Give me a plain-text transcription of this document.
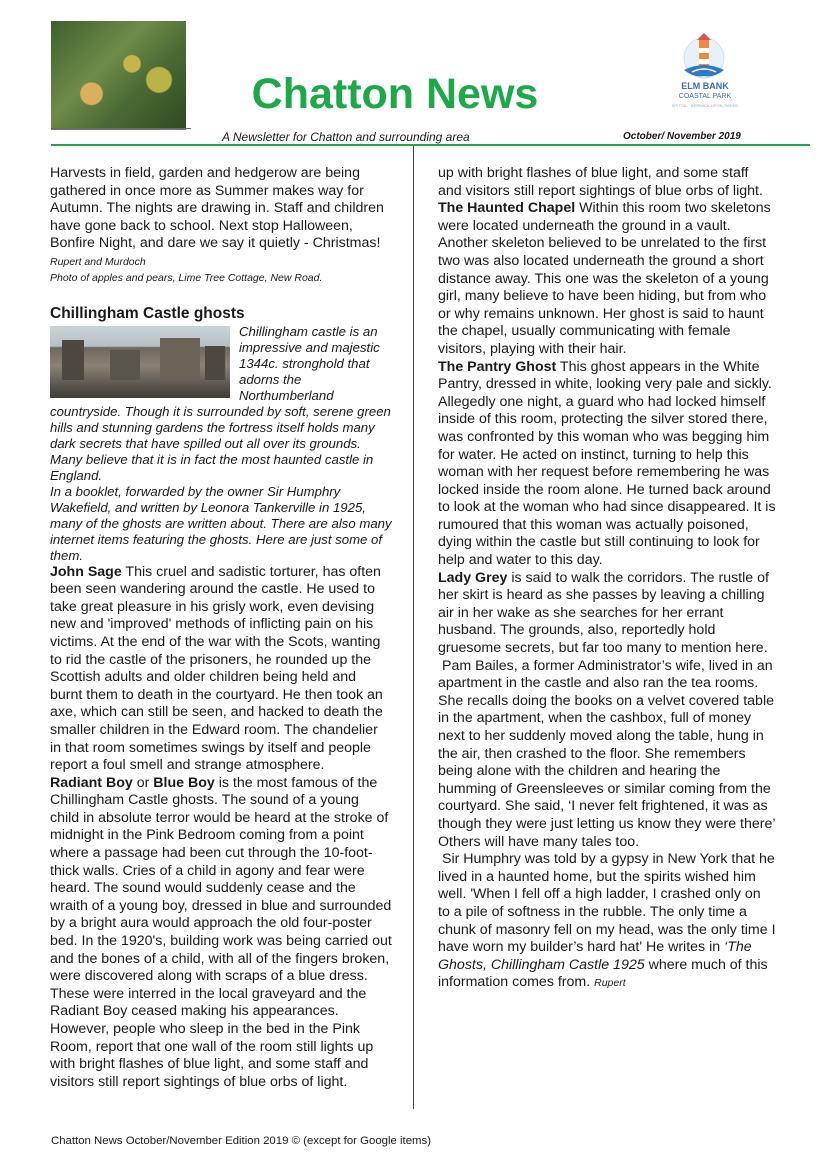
Chatton News	ELM BANK
COASTAL PARK
SPITTAL · BERWICK-UPON-TWEED
A Newsletter for Chatton and surrounding area	October/ November 2019

Harvests in field, garden and hedgerow are being gathered in once more as Summer makes way for Autumn. The nights are drawing in. Staff and children have gone back to school. Next stop Halloween, Bonfire Night, and dare we say it quietly - Christmas! Rupert and Murdoch

Photo of apples and pears, Lime Tree Cottage, New Road.

Chillingham Castle ghosts

Chillingham castle is an impressive and majestic 1344c. stronghold that adorns the Northumberland countryside. Though it is surrounded by soft, serene green hills and stunning gardens the fortress itself holds many dark secrets that have spilled out all over its grounds. Many believe that it is in fact the most haunted castle in England.

In a booklet, forwarded by the owner Sir Humphry Wakefield, and written by Leonora Tankerville in 1925, many of the ghosts are written about. There are also many internet items featuring the ghosts. Here are just some of them.

John Sage This cruel and sadistic torturer, has often been seen wandering around the castle. He used to take great pleasure in his grisly work, even devising new and 'improved' methods of inflicting pain on his victims. At the end of the war with the Scots, wanting to rid the castle of the prisoners, he rounded up the Scottish adults and older children being held and burnt them to death in the courtyard. He then took an axe, which can still be seen, and hacked to death the smaller children in the Edward room. The chandelier in that room sometimes swings by itself and people report a foul smell and strange atmosphere.

Radiant Boy or Blue Boy is the most famous of the Chillingham Castle ghosts. The sound of a young child in absolute terror would be heard at the stroke of midnight in the Pink Bedroom coming from a point where a passage had been cut through the 10-foot-thick walls. Cries of a child in agony and fear were heard. The sound would suddenly cease and the wraith of a young boy, dressed in blue and surrounded by a bright aura would approach the old four-poster bed. In the 1920's, building work was being carried out and the bones of a child, with all of the fingers broken, were discovered along with scraps of a blue dress. These were interred in the local graveyard and the Radiant Boy ceased making his appearances.

However, people who sleep in the bed in the Pink Room, report that one wall of the room still lights up with bright flashes of blue light, and some staff and visitors still report sightings of blue orbs of light.

up with bright flashes of blue light, and some staff and visitors still report sightings of blue orbs of light.

The Haunted Chapel Within this room two skeletons were located underneath the ground in a vault. Another skeleton believed to be unrelated to the first two was also located underneath the ground a short distance away. This one was the skeleton of a young girl, many believe to have been hiding, but from who or why remains unknown. Her ghost is said to haunt the chapel, usually communicating with female visitors, playing with their hair.

The Pantry Ghost This ghost appears in the White Pantry, dressed in white, looking very pale and sickly. Allegedly one night, a guard who had locked himself inside of this room, protecting the silver stored there, was confronted by this woman who was begging him for water. He acted on instinct, turning to help this woman with her request before remembering he was locked inside the room alone. He turned back around to look at the woman who had since disappeared. It is rumoured that this woman was actually poisoned, dying within the castle but still continuing to look for help and water to this day.

Lady Grey is said to walk the corridors. The rustle of her skirt is heard as she passes by leaving a chilling air in her wake as she searches for her errant husband. The grounds, also, reportedly hold gruesome secrets, but far too many to mention here.

Pam Bailes, a former Administrator’s wife, lived in an apartment in the castle and also ran the tea rooms. She recalls doing the books on a velvet covered table in the apartment, when the cashbox, full of money next to her suddenly moved along the table, hung in the air, then crashed to the floor. She remembers being alone with the children and hearing the humming of Greensleeves or similar coming from the courtyard. She said, ‘I never felt frightened, it was as though they were just letting us know they were there’ Others will have many tales too.

Sir Humphry was told by a gypsy in New York that he lived in a haunted home, but the spirits wished him well. 'When I fell off a high ladder, I crashed only on to a pile of softness in the rubble. The only time a chunk of masonry fell on my head, was the only time I have worn my builder’s hard hat' He writes in ‘The Ghosts, Chillingham Castle 1925 where much of this information comes from. Rupert

Chatton News October/November Edition 2019 © (except for Google items)
